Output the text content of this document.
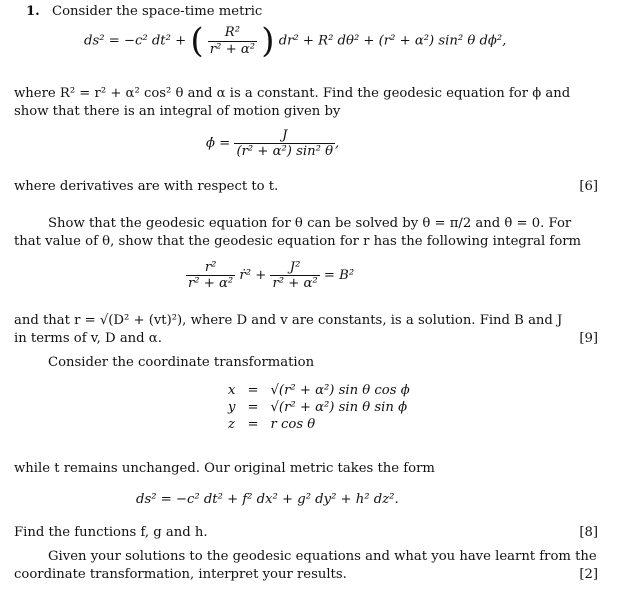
1. Consider the space-time metric
ds² = −c² dt² + ( $\frac{\text{R²}}{\text{r² + α²}}$ ) dr² + R² dθ² + (r² + α²) sin² θ dϕ²,
where R² = r² + α² cos² θ and α is a constant. Find the geodesic equation for ϕ and
show that there is an integral of motion given by
ϕ̇ = $\frac{J}{\text{(r² + α²) sin² θ}}$ ,
where derivatives are with respect to t.	[6]
Show that the geodesic equation for θ can be solved by θ = π/2 and θ̇ = 0. For
that value of θ, show that the geodesic equation for r has the following integral form
$\frac{\text{r²}}{\text{r² + α²}}$ ṙ² + $\frac{\text{J²}}{\text{r² + α²}} = B^2$
and that r = √(D² + (vt)²), where D and v are constants, is a solution. Find B and J
in terms of v, D and α.	[9]
Consider the coordinate transformation
x	=	√(r² + α²) sin θ cos ϕ
y	=	√(r² + α²) sin θ sin ϕ
z	=	r cos θ
while t remains unchanged. Our original metric takes the form
ds² = −c² dt² + f² dx² + g² dy² + h² dz².
Find the functions f, g and h.	[8]
Given your solutions to the geodesic equations and what you have learnt from the
coordinate transformation, interpret your results.	[2]
